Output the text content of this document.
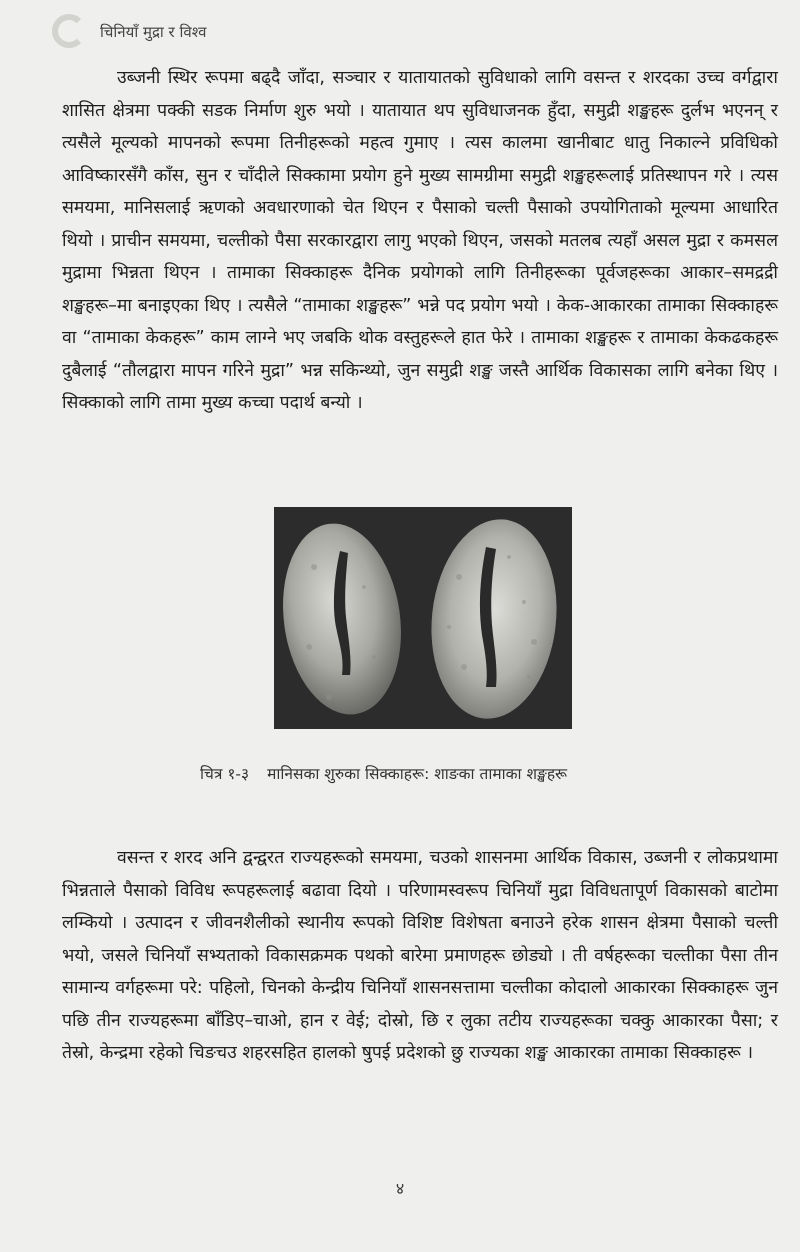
चिनियाँ मुद्रा र विश्व

उब्जनी स्थिर रूपमा बढ्दै जाँदा, सञ्चार र यातायातको सुविधाको लागि वसन्त र शरदका उच्च वर्गद्वारा शासित क्षेत्रमा पक्की सडक निर्माण शुरु भयो । यातायात थप सुविधाजनक हुँदा, समुद्री शङ्खहरू दुर्लभ भएनन् र त्यसैले मूल्यको मापनको रूपमा तिनीहरूको महत्व गुमाए । त्यस कालमा खानीबाट धातु निकाल्ने प्रविधिको आविष्कारसँगै काँस, सुन र चाँदीले सिक्कामा प्रयोग हुने मुख्य सामग्रीमा समुद्री शङ्खहरूलाई प्रतिस्थापन गरे । त्यस समयमा, मानिसलाई ऋणको अवधारणाको चेत थिएन र पैसाको चल्ती पैसाको उपयोगिताको मूल्यमा आधारित थियो । प्राचीन समयमा, चल्तीको पैसा सरकारद्वारा लागु भएको थिएन, जसको मतलब त्यहाँ असल मुद्रा र कमसल मुद्रामा भिन्नता थिएन । तामाका सिक्काहरू दैनिक प्रयोगको लागि तिनीहरूका पूर्वजहरूका आकार–समद्रद्री शङ्खहरू–मा बनाइएका थिए । त्यसैले “तामाका शङ्खहरू” भन्ने पद प्रयोग भयो । केक-आकारका तामाका सिक्काहरू वा “तामाका केकहरू” काम लाग्ने भए जबकि थोक वस्तुहरूले हात फेरे । तामाका शङ्खहरू र तामाका केकढकहरू दुबैलाई “तौलद्वारा मापन गरिने मुद्रा” भन्न सकिन्थ्यो, जुन समुद्री शङ्ख जस्तै आर्थिक विकासका लागि बनेका थिए । सिक्काको लागि तामा मुख्य कच्चा पदार्थ बन्यो ।

चित्र १-३ मानिसका शुरुका सिक्काहरू: शाङका तामाका शङ्खहरू

वसन्त र शरद अनि द्वन्द्वरत राज्यहरूको समयमा, चउको शासनमा आर्थिक विकास, उब्जनी र लोकप्रथामा भिन्नताले पैसाको विविध रूपहरूलाई बढावा दियो । परिणामस्वरूप चिनियाँ मुद्रा विविधतापूर्ण विकासको बाटोमा लम्कियो । उत्पादन र जीवनशैलीको स्थानीय रूपको विशिष्ट विशेषता बनाउने हरेक शासन क्षेत्रमा पैसाको चल्ती भयो, जसले चिनियाँ सभ्यताको विकासक्रमक पथको बारेमा प्रमाणहरू छोड्यो । ती वर्षहरूका चल्तीका पैसा तीन सामान्य वर्गहरूमा परे: पहिलो, चिनको केन्द्रीय चिनियाँ शासनसत्तामा चल्तीका कोदालो आकारका सिक्काहरू जुन पछि तीन राज्यहरूमा बाँडिए–चाओ, हान र वेई; दोस्रो, छि र लुका तटीय राज्यहरूका चक्कु आकारका पैसा; र तेस्रो, केन्द्रमा रहेको चिङचउ शहरसहित हालको षुपई प्रदेशको छु राज्यका शङ्ख आकारका तामाका सिक्काहरू ।

४
